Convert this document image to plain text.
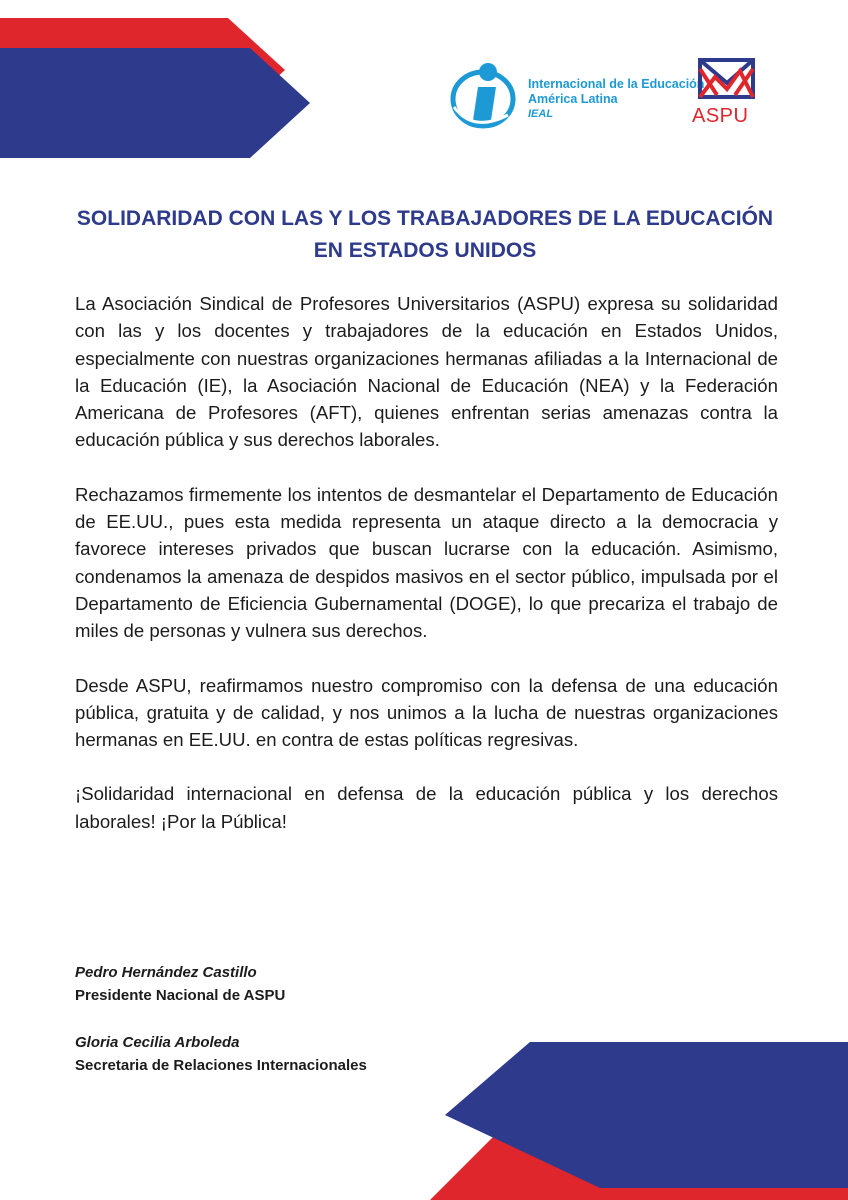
Internacional de la Educación
América Latina
IEAL	ASPU
SOLIDARIDAD CON LAS Y LOS TRABAJADORES DE LA EDUCACIÓN EN ESTADOS UNIDOS

La Asociación Sindical de Profesores Universitarios (ASPU) expresa su solidaridad con las y los docentes y trabajadores de la educación en Estados Unidos, especialmente con nuestras organizaciones hermanas afiliadas a la Internacional de la Educación (IE), la Asociación Nacional de Educación (NEA) y la Federación Americana de Profesores (AFT), quienes enfrentan serias amenazas contra la educación pública y sus derechos laborales.

Rechazamos firmemente los intentos de desmantelar el Departamento de Educación de EE.UU., pues esta medida representa un ataque directo a la democracia y favorece intereses privados que buscan lucrarse con la educación. Asimismo, condenamos la amenaza de despidos masivos en el sector público, impulsada por el Departamento de Eficiencia Gubernamental (DOGE), lo que precariza el trabajo de miles de personas y vulnera sus derechos.

Desde ASPU, reafirmamos nuestro compromiso con la defensa de una educación pública, gratuita y de calidad, y nos unimos a la lucha de nuestras organizaciones hermanas en EE.UU. en contra de estas políticas regresivas.

¡Solidaridad internacional en defensa de la educación pública y los derechos laborales! ¡Por la Pública!

Pedro Hernández Castillo
Presidente Nacional de ASPU
Gloria Cecilia Arboleda
Secretaria de Relaciones Internacionales
